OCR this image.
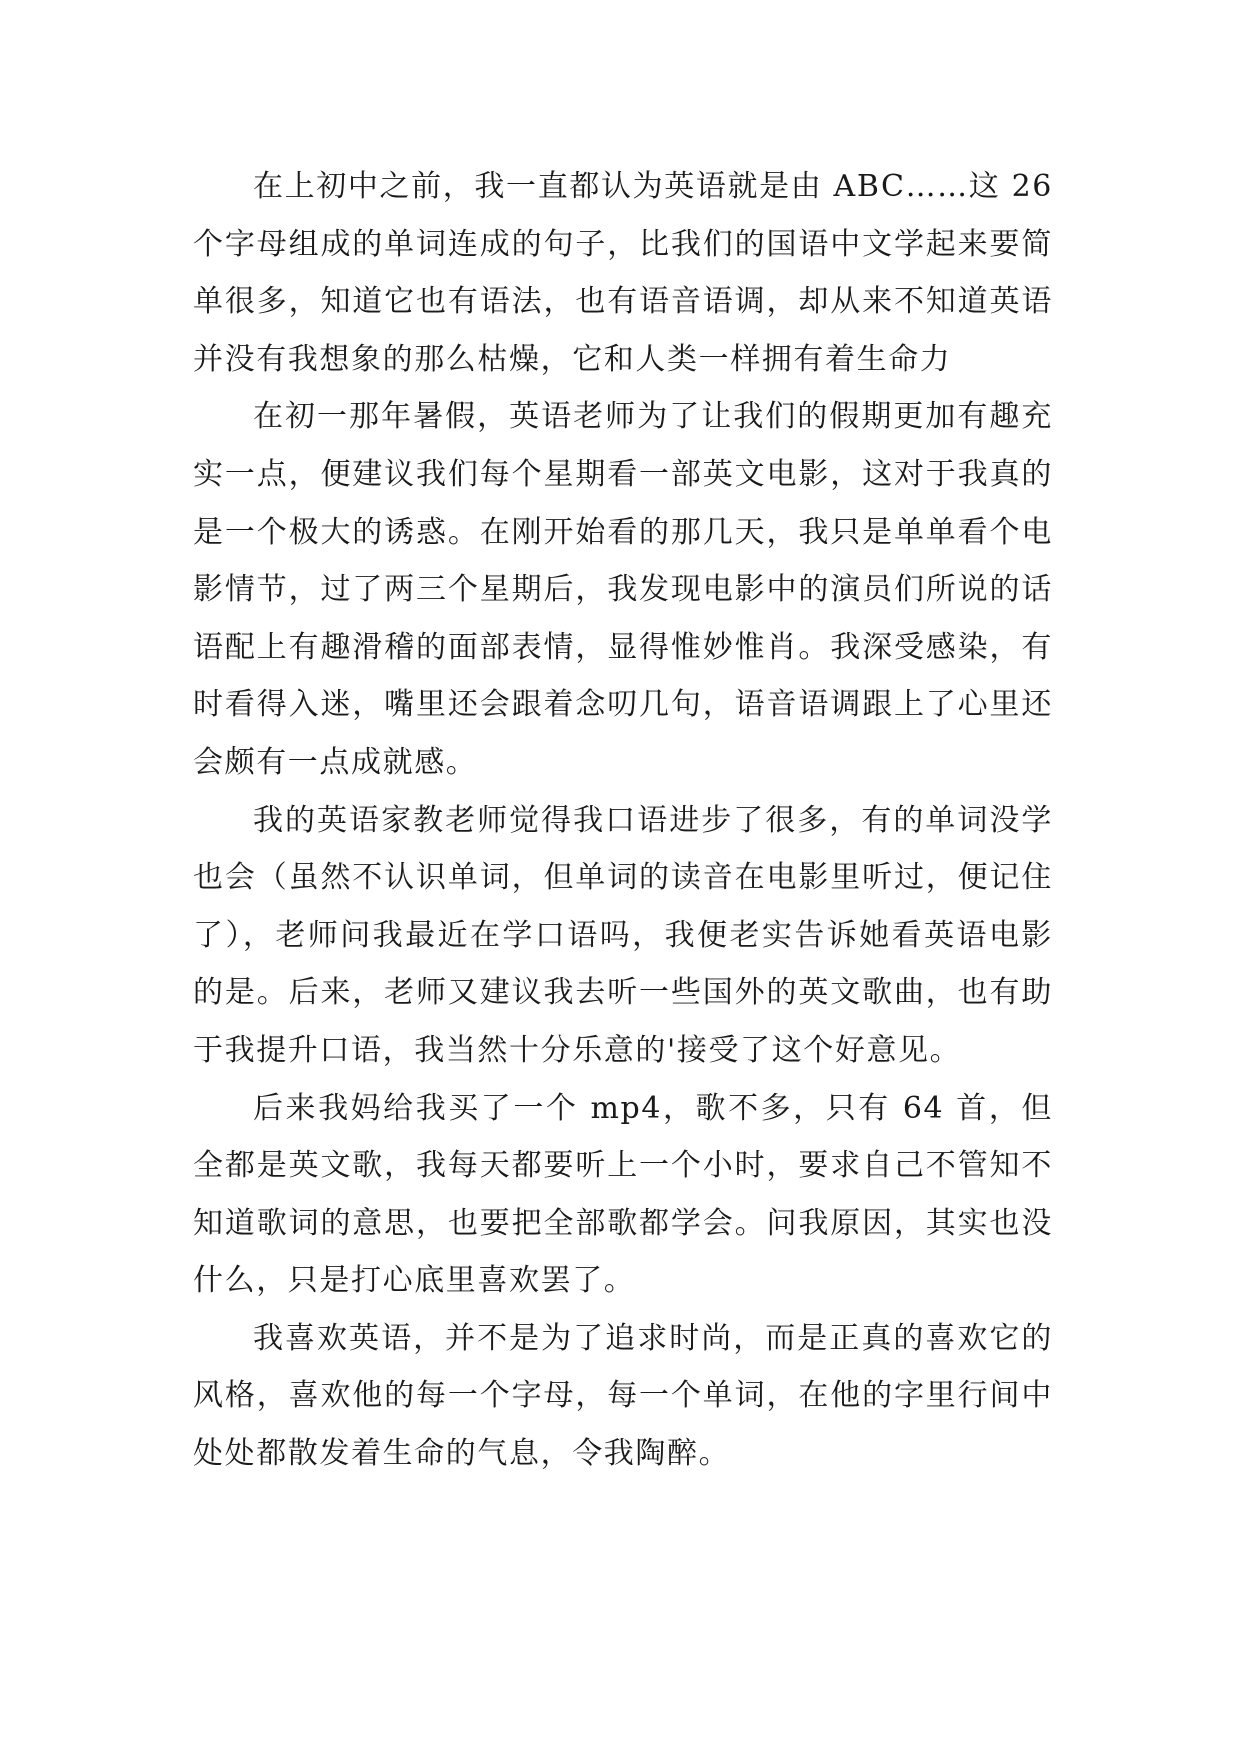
在上初中之前，我一直都认为英语就是由 ABC……这 26 个字母组成的单词连成的句子，比我们的国语中文学起来要简单很多，知道它也有语法，也有语音语调，却从来不知道英语并没有我想象的那么枯燥，它和人类一样拥有着生命力

在初一那年暑假，英语老师为了让我们的假期更加有趣充实一点，便建议我们每个星期看一部英文电影，这对于我真的是一个极大的诱惑。在刚开始看的那几天，我只是单单看个电影情节，过了两三个星期后，我发现电影中的演员们所说的话语配上有趣滑稽的面部表情，显得惟妙惟肖。我深受感染，有时看得入迷，嘴里还会跟着念叨几句，语音语调跟上了心里还会颇有一点成就感。

我的英语家教老师觉得我口语进步了很多，有的单词没学也会（虽然不认识单词，但单词的读音在电影里听过，便记住了），老师问我最近在学口语吗，我便老实告诉她看英语电影的是。后来，老师又建议我去听一些国外的英文歌曲，也有助于我提升口语，我当然十分乐意的'接受了这个好意见。

后来我妈给我买了一个 mp4，歌不多，只有 64 首，但全都是英文歌，我每天都要听上一个小时，要求自己不管知不知道歌词的意思，也要把全部歌都学会。问我原因，其实也没什么，只是打心底里喜欢罢了。

我喜欢英语，并不是为了追求时尚，而是正真的喜欢它的风格，喜欢他的每一个字母，每一个单词，在他的字里行间中处处都散发着生命的气息，令我陶醉。
